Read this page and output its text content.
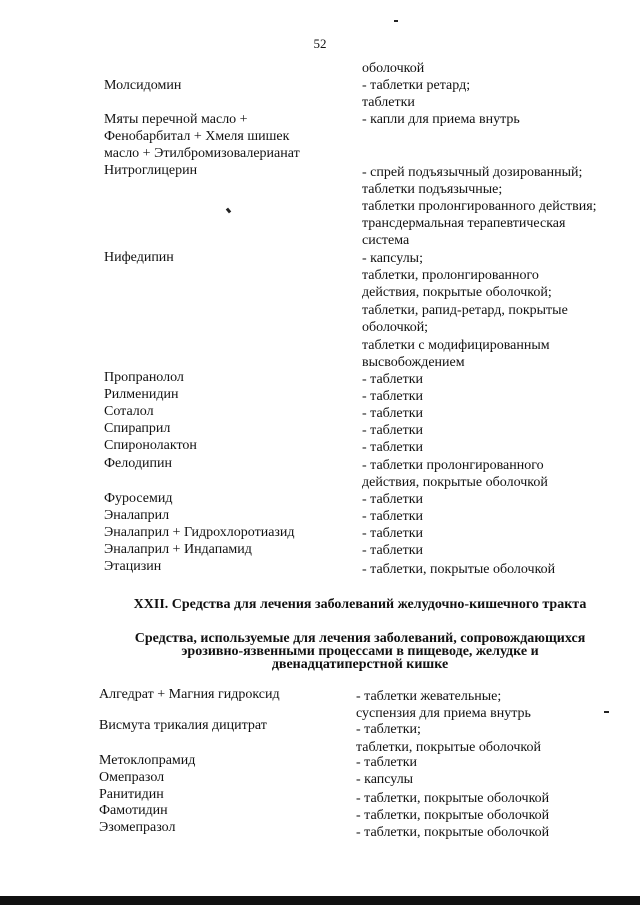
52
оболочкой
Молсидомин	- таблетки ретард;
таблетки
Мяты перечной масло +	- капли для приема внутрь
Фенобарбитал + Хмеля шишек
масло + Этилбромизовалерианат
Нитроглицерин	- спрей подъязычный дозированный;
таблетки подъязычные;
таблетки пролонгированного действия;
трансдермальная терапевтическая
система
Нифедипин	- капсулы;
таблетки, пролонгированного
действия, покрытые оболочкой;
таблетки, рапид-ретард, покрытые
оболочкой;
таблетки с модифицированным
высвобождением
Пропранолол	- таблетки
Рилменидин	- таблетки
Соталол	- таблетки
Спираприл	- таблетки
Спиронолактон	- таблетки
Фелодипин	- таблетки пролонгированного
действия, покрытые оболочкой
Фуросемид	- таблетки
Эналаприл	- таблетки
Эналаприл + Гидрохлоротиазид	- таблетки
Эналаприл + Индапамид	- таблетки
Этацизин	- таблетки, покрытые оболочкой
XXII. Средства для лечения заболеваний желудочно-кишечного тракта
Средства, используемые для лечения заболеваний, сопровождающихся
эрозивно-язвенными процессами в пищеводе, желудке и
двенадцатиперстной кишке
Алгедрат + Магния гидроксид	- таблетки жевательные;
суспензия для приема внутрь
Висмута трикалия дицитрат	- таблетки;
таблетки, покрытые оболочкой
Метоклопрамид	- таблетки
Омепразол	- капсулы
Ранитидин	- таблетки, покрытые оболочкой
Фамотидин	- таблетки, покрытые оболочкой
Эзомепразол	- таблетки, покрытые оболочкой
